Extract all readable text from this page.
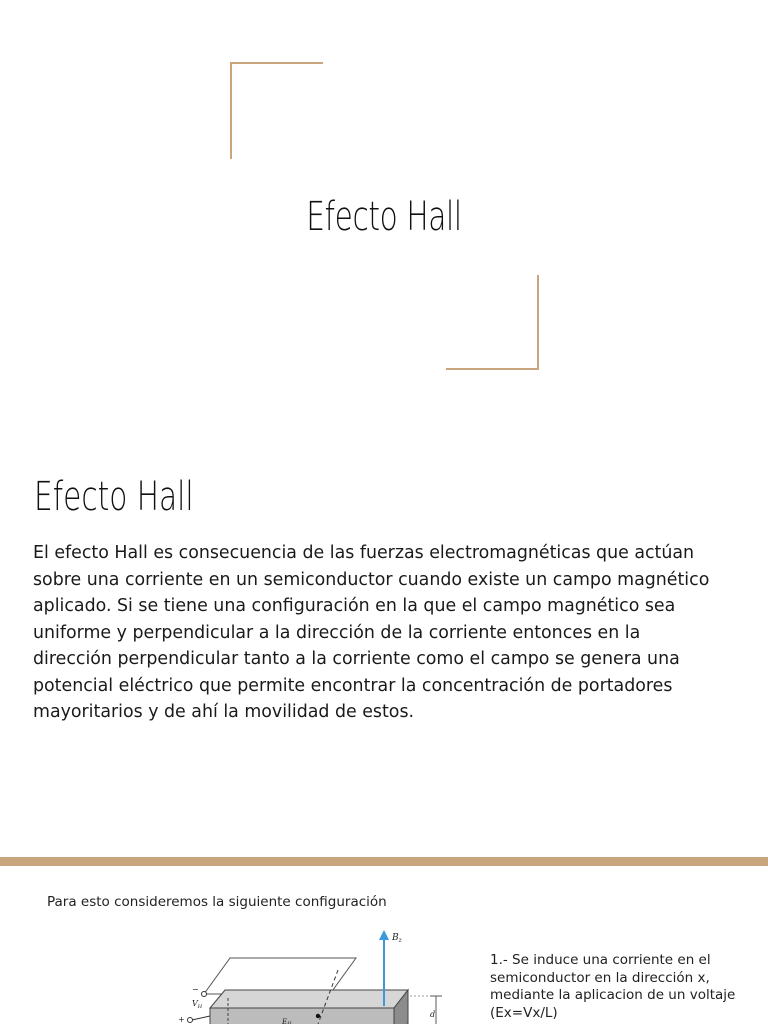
Efecto Hall
Efecto Hall
El efecto Hall es consecuencia de las fuerzas electromagnéticas que actúan
sobre una corriente en un semiconductor cuando existe un campo magnético
aplicado. Si se tiene una configuración en la que el campo magnético sea
uniforme y perpendicular a la dirección de la corriente entonces en la
dirección perpendicular tanto a la corriente como el campo se genera una
potencial eléctrico que permite encontrar la concentración de portadores
mayoritarios y de ahí la movilidad de estos.
Para esto consideremos la siguiente configuración
$B_z$
−
$V_H$
+	EH
d
1.- Se induce una corriente en el
semiconductor en la dirección x,
mediante la aplicacion de un voltaje
(Ex=Vx/L)
